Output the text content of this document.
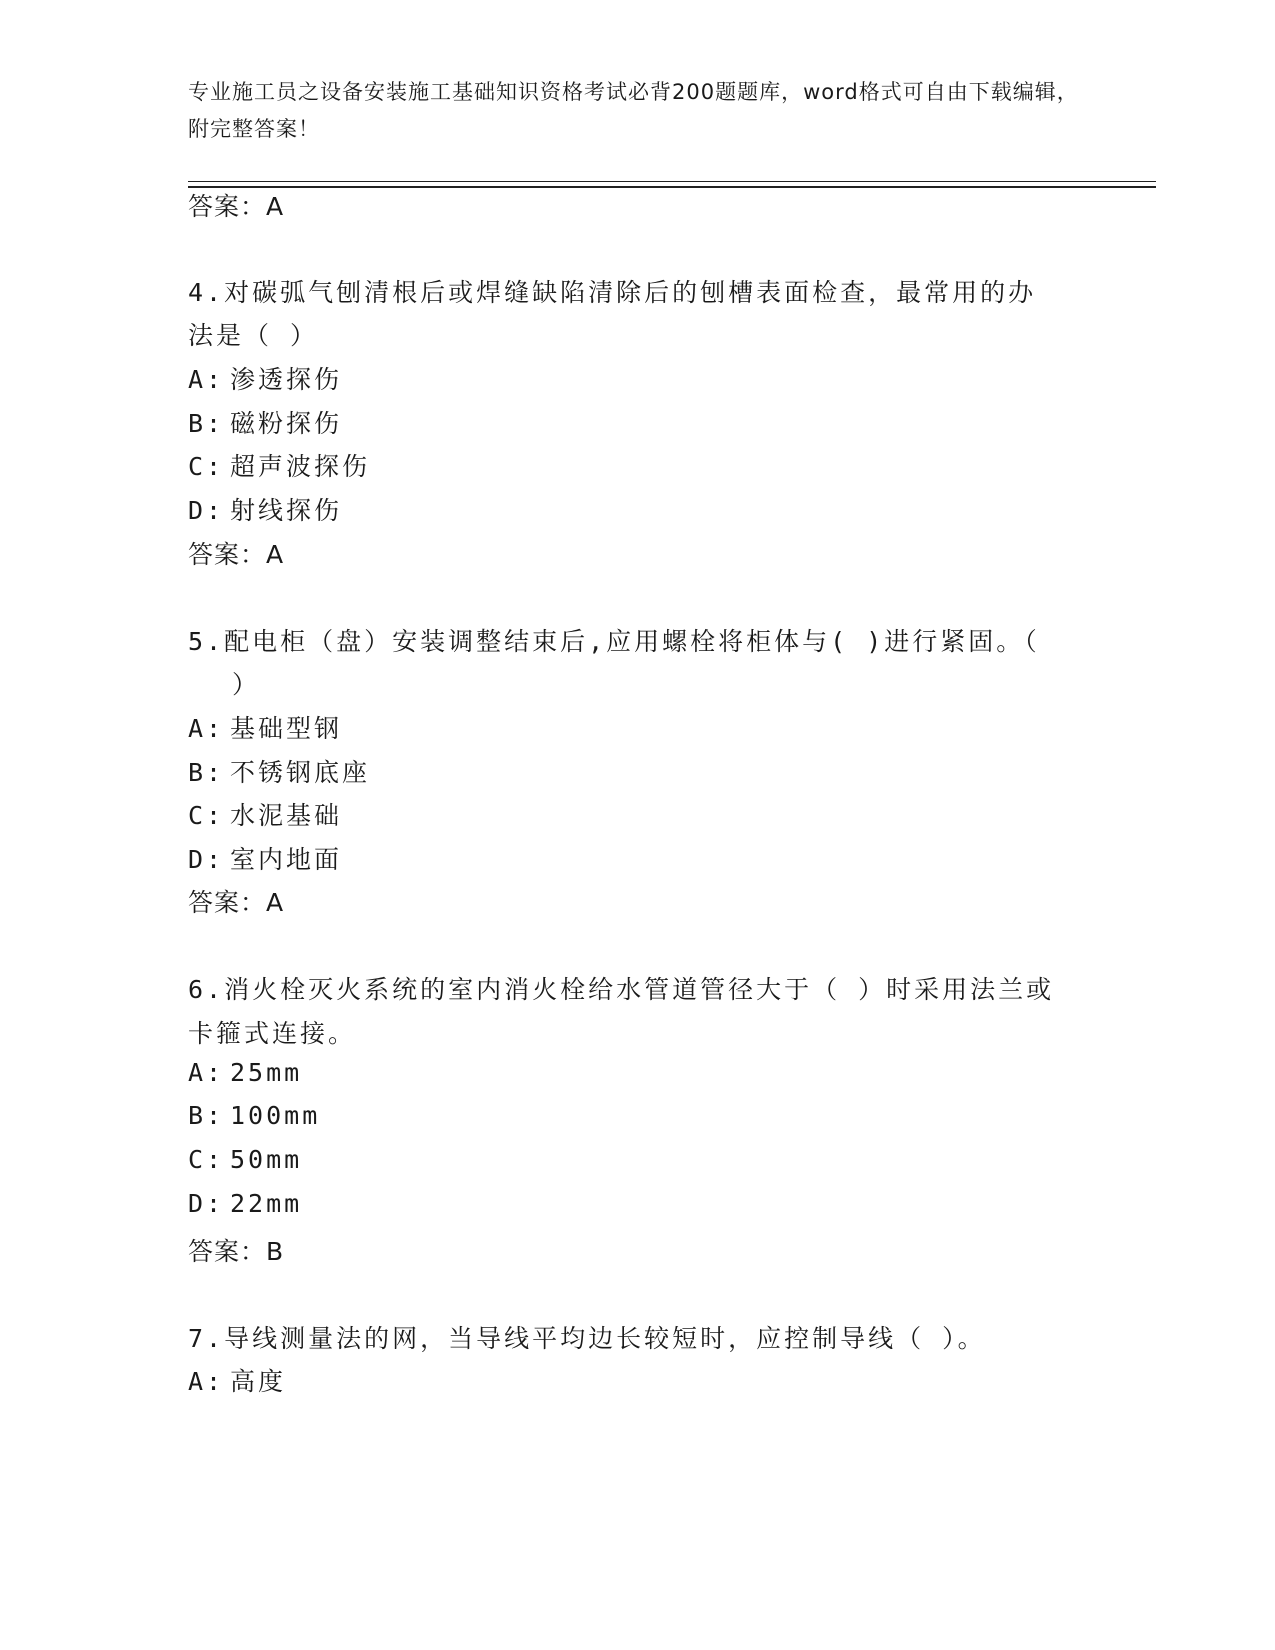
专业施工员之设备安装施工基础知识资格考试必背200题题库，word格式可自由下载编辑，附完整答案！
答案：A
4.对碳弧气刨清根后或焊缝缺陷清除后的刨槽表面检查，最常用的办
法是（ ）
A: 渗透探伤
B: 磁粉探伤
C: 超声波探伤
D: 射线探伤
答案：A
5.配电柜（盘）安装调整结束后,应用螺栓将柜体与( )进行紧固。（
）
A: 基础型钢
B: 不锈钢底座
C: 水泥基础
D: 室内地面
答案：A
6.消火栓灭火系统的室内消火栓给水管道管径大于（ ）时采用法兰或
卡箍式连接。
A: 25mm
B: 100mm
C: 50mm
D: 22mm
答案：B
7.导线测量法的网，当导线平均边长较短时，应控制导线（ ）。
A: 高度
